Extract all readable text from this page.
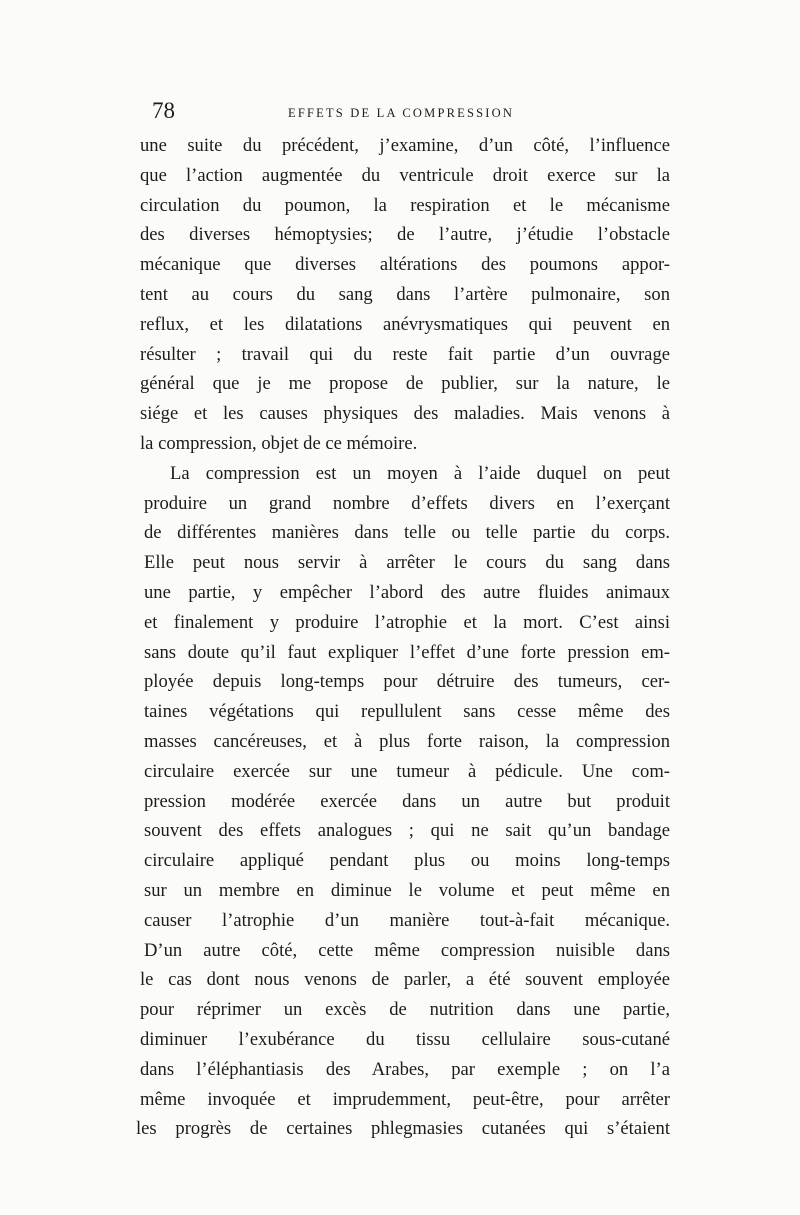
78	EFFETS DE LA COMPRESSION
une suite du précédent, j’examine, d’un côté, l’influence
que l’action augmentée du ventricule droit exerce sur la
circulation du poumon, la respiration et le mécanisme
des diverses hémoptysies; de l’autre, j’étudie l’obstacle
mécanique que diverses altérations des poumons appor-
tent au cours du sang dans l’artère pulmonaire, son
reflux, et les dilatations anévrysmatiques qui peuvent en
résulter ; travail qui du reste fait partie d’un ouvrage
général que je me propose de publier, sur la nature, le
siége et les causes physiques des maladies. Mais venons à
la compression, objet de ce mémoire.
La compression est un moyen à l’aide duquel on peut
produire un grand nombre d’effets divers en l’exerçant
de différentes manières dans telle ou telle partie du corps.
Elle peut nous servir à arrêter le cours du sang dans
une partie, y empêcher l’abord des autre fluides animaux
et finalement y produire l’atrophie et la mort. C’est ainsi
sans doute qu’il faut expliquer l’effet d’une forte pression em-
ployée depuis long-temps pour détruire des tumeurs, cer-
taines végétations qui repullulent sans cesse même des
masses cancéreuses, et à plus forte raison, la compression
circulaire exercée sur une tumeur à pédicule. Une com-
pression modérée exercée dans un autre but produit
souvent des effets analogues ; qui ne sait qu’un bandage
circulaire appliqué pendant plus ou moins long-temps
sur un membre en diminue le volume et peut même en
causer l’atrophie d’un manière tout-à-fait mécanique.
D’un autre côté, cette même compression nuisible dans
le cas dont nous venons de parler, a été souvent employée
pour réprimer un excès de nutrition dans une partie,
diminuer l’exubérance du tissu cellulaire sous-cutané
dans l’éléphantiasis des Arabes, par exemple ; on l’a
même invoquée et imprudemment, peut-être, pour arrêter
les progrès de certaines phlegmasies cutanées qui s’étaient
